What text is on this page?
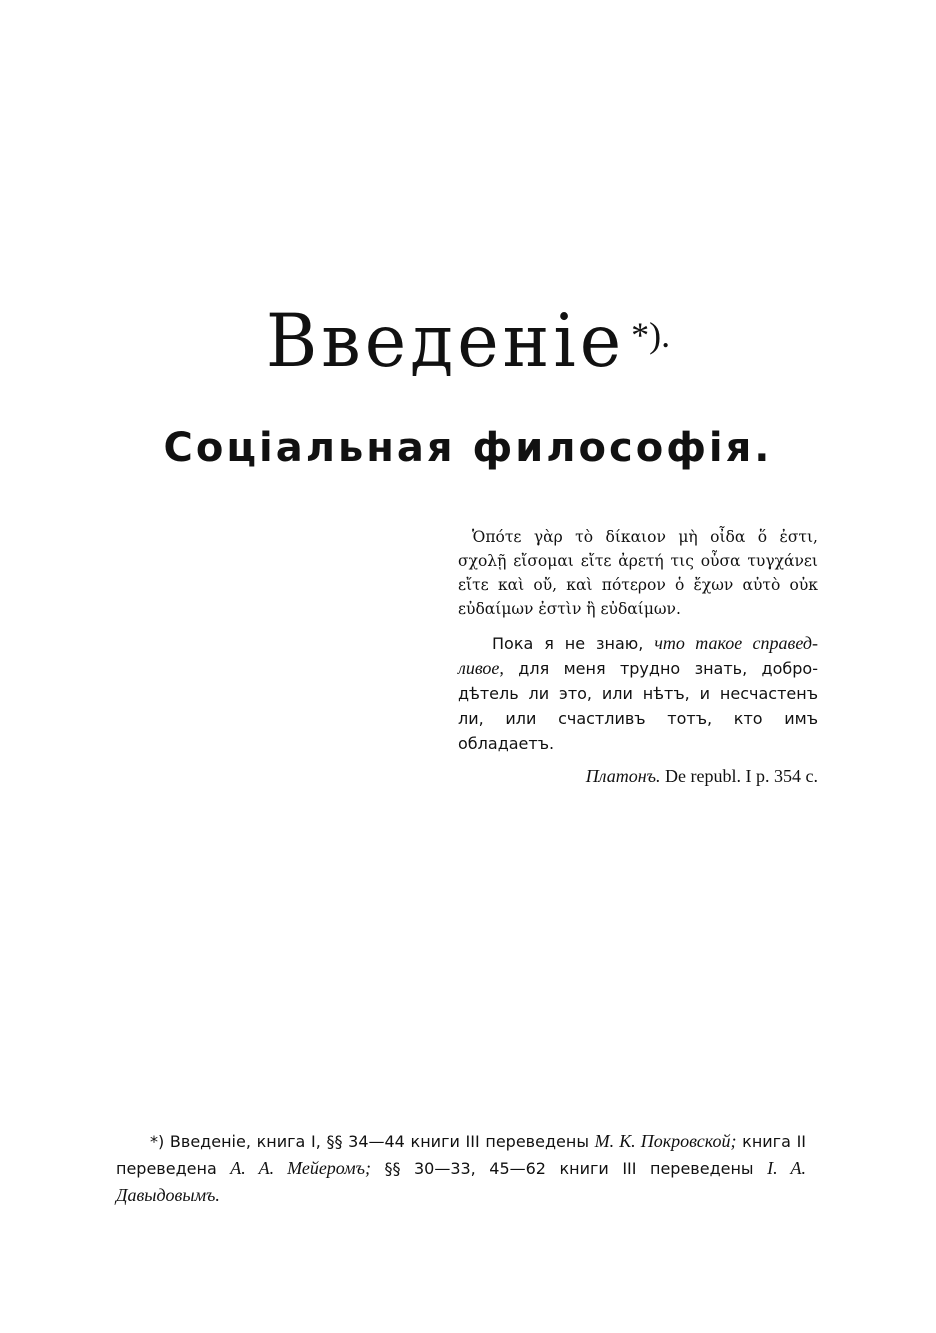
Введеніе *).
Соціальная философія.

Ὁπότε γὰρ τὸ δίκαιον μὴ οἶδα ὅ ἐστι, σχολῇ εἴσομαι εἴτε ἀρετή τις οὖσα τυγχάνει εἴτε καὶ οὔ, καὶ πότερον ὁ ἔχων αὐτὸ οὐκ εὐδαίμων ἐστὶν ἢ εὐδαίμων.

Пока я не знаю, что такое справедливое, для меня трудно знать, добродѣтель ли это, или нѣтъ, и несчастенъ ли, или счастливъ тотъ, кто имъ обладаетъ.

Платонъ. De republ. I p. 354 c.

*) Введеніе, книга I, §§ 34—44 книги III переведены М. К. Покровской; книга II переведена А. А. Мейеромъ; §§ 30—33, 45—62 книги III переведены I. А. Давыдовымъ.
